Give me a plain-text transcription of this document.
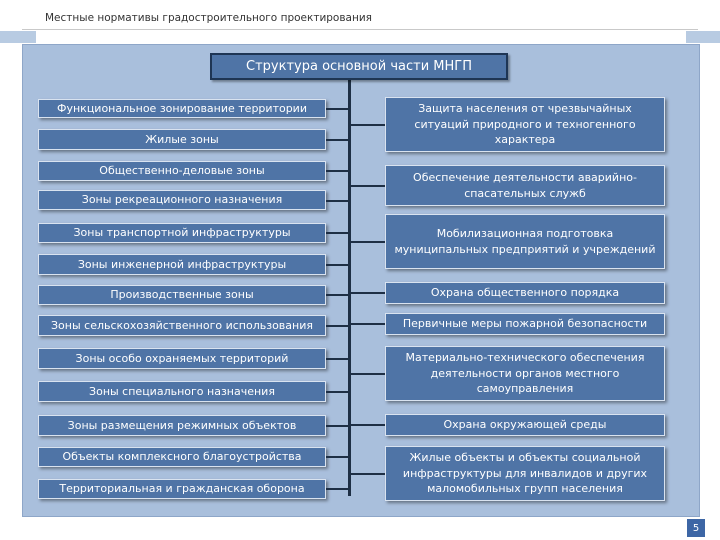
Местные нормативы градостроительного проектирования
Структура основной части МНГП
Функциональное зонирование территории
Жилые зоны
Общественно-деловые зоны
Зоны рекреационного назначения
Зоны транспортной инфраструктуры
Зоны инженерной инфраструктуры
Производственные зоны
Зоны сельскохозяйственного использования
Зоны особо охраняемых территорий
Зоны специального назначения
Зоны размещения режимных объектов
Объекты комплексного благоустройства
Территориальная и гражданская оборона
Защита населения от чрезвычайных ситуаций природного и техногенного характера
Обеспечение деятельности аварийно-спасательных служб
Мобилизационная подготовка муниципальных предприятий и учреждений
Охрана общественного порядка
Первичные меры пожарной безопасности
Материально-технического обеспечения деятельности органов местного самоуправления
Охрана окружающей среды
Жилые объекты и объекты социальной инфраструктуры для инвалидов и других маломобильных групп населения
5
